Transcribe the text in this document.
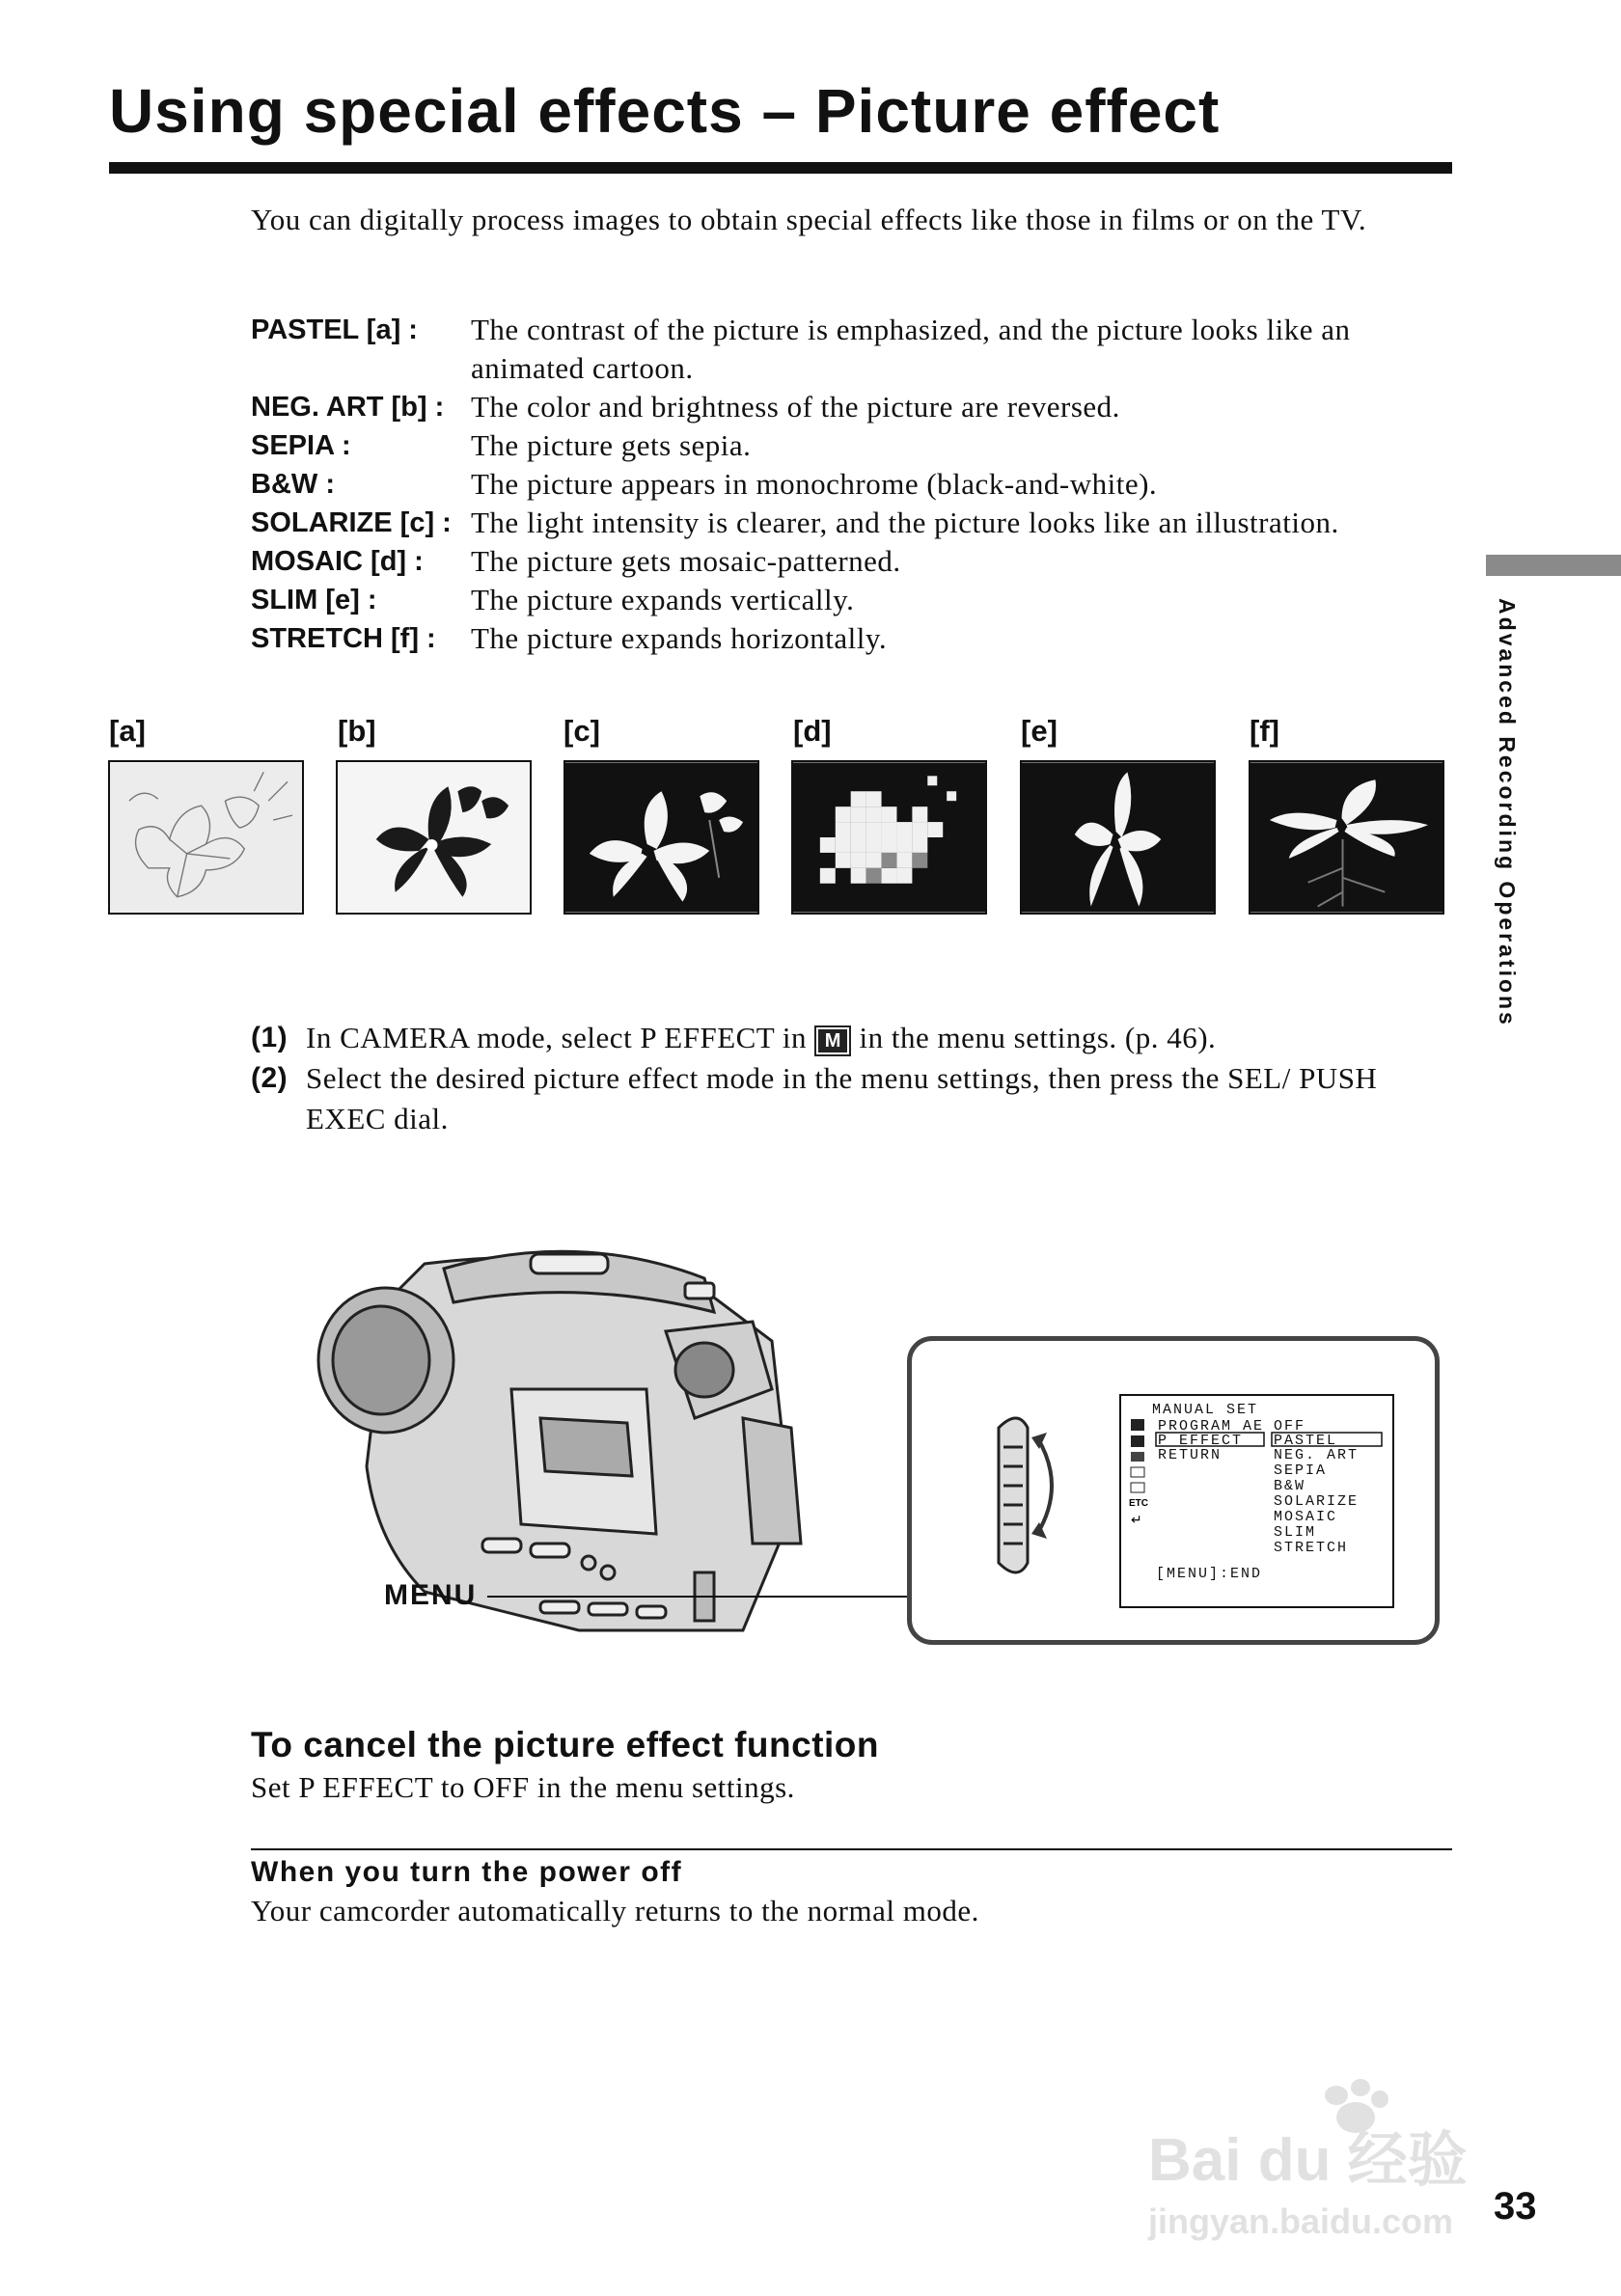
Using special effects – Picture effect
You can digitally process images to obtain special effects like those in films or on the TV.
PASTEL [a] :	The contrast of the picture is emphasized, and the picture looks like an animated cartoon.
NEG. ART [b] : The color and brightness of the picture are reversed.
SEPIA :	The picture gets sepia.
B&W :	The picture appears in monochrome (black-and-white).
SOLARIZE [c] : The light intensity is clearer, and the picture looks like an illustration.
MOSAIC [d] :	The picture gets mosaic-patterned.
SLIM [e] :	The picture expands vertically.
STRETCH [f] :	The picture expands horizontally.	Advanced Recording Operations
[a]	[b]	[c]	[d]	[e]	[f]
(1) In CAMERA mode, select P EFFECT in M in the menu settings. (p. 46).
(2) Select the desired picture effect mode in the menu settings, then press the SEL/ PUSH EXEC dial.
MENU
ETC
↵
MANUAL SET
PROGRAM AE
P EFFECT
RETURN
OFF
PASTEL
NEG. ART
SEPIA
B&W
SOLARIZE
MOSAIC
SLIM
STRETCH
[MENU]:END
To cancel the picture effect function
Set P EFFECT to OFF in the menu settings.
When you turn the power off
Your camcorder automatically returns to the normal mode.
Bai du 经验
jingyan.baidu.com 33
